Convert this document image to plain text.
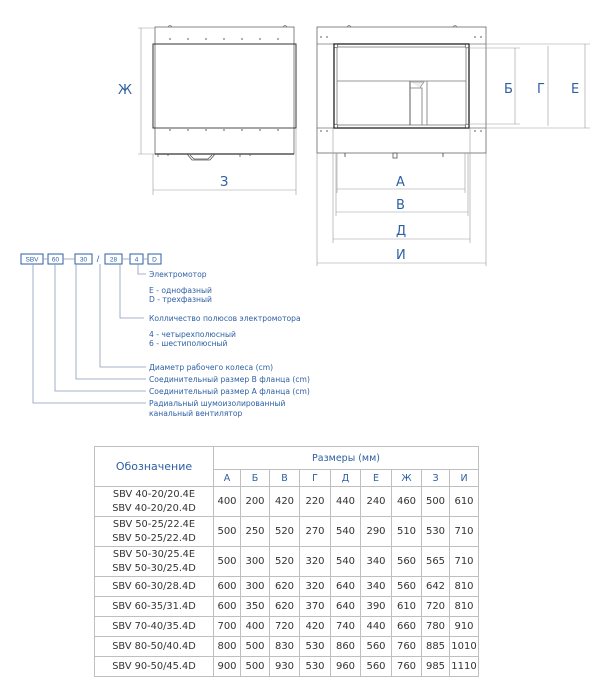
Ж
З
Б Г Е
А
В
Д
И
SBV 60	30 / 28	4 D
Электромотор
E - однофазный
D - трехфазный
Колличество полюсов электромотора
4 - четырехполюсный
6 - шестиполюсный
Диаметр рабочего колеса (cm)
Соединительный размер В фланца (cm)
Соединительный размер А фланца (cm)
Радиальный шумоизолированный
канальный вентилятор
Обозначение	Размеры (мм)								
	А	Б	В	Г	Д	Е	Ж	З	И

SBV 40-20/20.4E
SBV 40-20/20.4D	400	200	420	220	440	240	460	500	610

SBV 50-25/22.4E
SBV 50-25/22.4D	500	250	520	270	540	290	510	530	710

SBV 50-30/25.4E
SBV 50-30/25.4D	500	300	520	320	540	340	560	565	710

SBV 60-30/28.4D	600	300	620	320	640	340	560	642	810

SBV 60-35/31.4D	600	350	620	370	640	390	610	720	810

SBV 70-40/35.4D	700	400	720	420	740	440	660	780	910

SBV 80-50/40.4D	800	500	830	530	860	560	760	885	1010

SBV 90-50/45.4D	900	500	930	530	960	560	760	985	1110
